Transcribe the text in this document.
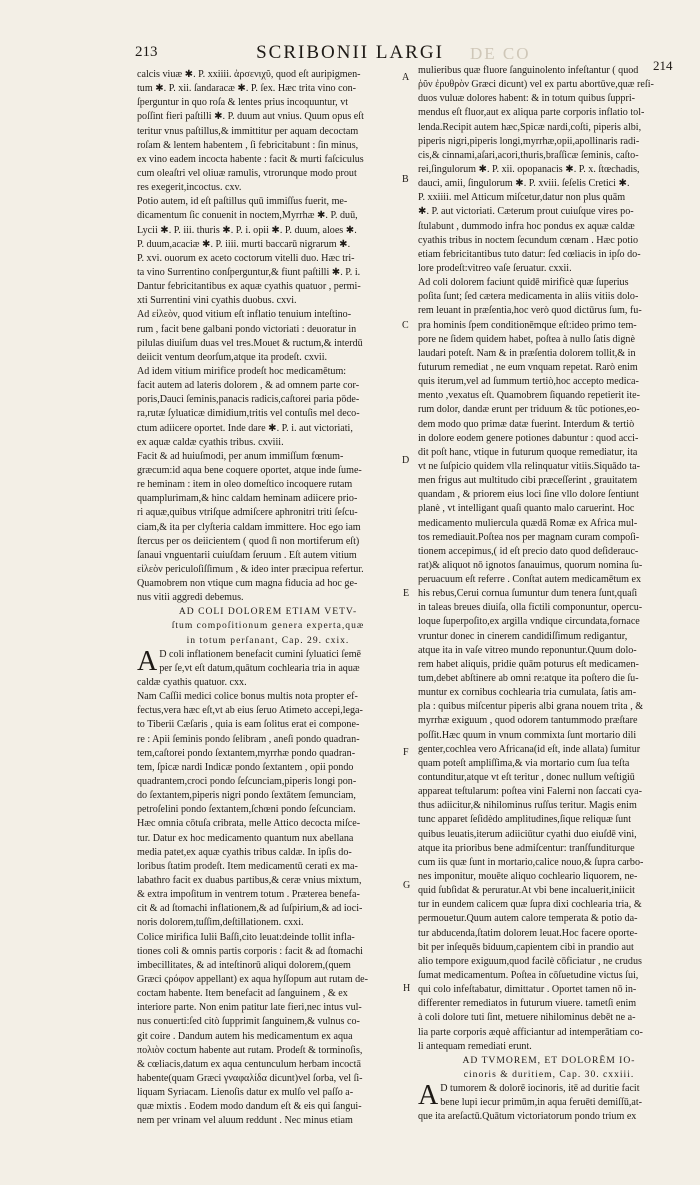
213	DE CO
SCRIBONII LARGI
214
calcis viuæ ✱. P. xxiiii. ἀρσενιχῦ, quod eſt auripigmen-
tum ✱. P. xii. ſandaracæ ✱. P. ſex. Hæc trita vino con-
ſperguntur in quo roſa & lentes prius incoquuntur, vt
poſſint fieri paſtilli ✱. P. duum aut vnius. Quum opus eſt
teritur vnus paſtillus,& immittitur per aquam decoctam
roſam & lentem habentem , ſi febricitabunt : ſin minus,
ex vino eadem incocta habente : facit & murti faſciculus
cum oleaſtri vel oliuæ ramulis, vtrorunque modo prout
res exegerit,incoctus. cxv.
Potio autem, id eſt paſtillus quū immiſſus fuerit, me-
dicamentum ſic conuenit in noctem,Myrrhæ ✱. P. duū,
Lycii ✱. P. iii. thuris ✱. P. i. opii ✱. P. duum, aloes ✱.
P. duum,acaciæ ✱. P. iiii. murti baccarū nigrarum ✱.
P. xvi. ouorum ex aceto coctorum vitelli duo. Hæc tri-
ta vino Surrentino conſperguntur,& fiunt paſtilli ✱. P. i.
Dantur febricitantibus ex aquæ cyathis quatuor , permi-
xti Surrentini vini cyathis duobus. cxvi.
Ad εἰλεὸν, quod vitium eſt inflatio tenuium inteſtino-
rum , facit bene galbani pondo victoriati : deuoratur in
pilulas diuiſum duas vel tres.Mouet & ructum,& interdū
deiicit ventum deorſum,atque ita prodeſt. cxvii.
Ad idem vitium mirifice prodeſt hoc medicamētum:
facit autem ad lateris dolorem , & ad omnem parte cor-
poris,Dauci ſeminis,panacis radicis,caſtorei paria pōde-
ra,rutæ ſyluaticæ dimidium,tritis vel contuſis mel deco-
ctum adiicere oportet. Inde dare ✱. P. i. aut victoriati,
ex aquæ caldæ cyathis tribus. cxviii.
Facit & ad huiuſmodi, per anum immiſſum fœnum-
græcum:id aqua bene coquere oportet, atque inde ſume-
re heminam : item in oleo domeſtico incoquere rutam
quamplurimam,& hinc caldam heminam adiicere prio-
ri aquæ,quibus vtriſque admiſcere aphronitri triti ſeſcu-
ciam,& ita per clyſteria caldam immittere. Hoc ego iam
ſtercus per os deiicientem ( quod ſi non mortiferum eſt)
ſanaui vnguentarii cuiuſdam ſeruum . Eſt autem vitium
εἰλεὸν periculoſiſſimum , & ideo inter præcipua refertur.
Quamobrem non vtique cum magna fiducia ad hoc ge-
nus vitii aggredi debemus.
AD COLI DOLOREM ETIAM VETV-
ſtum compoſitionum genera experta,quæ
in totum perſanant, Cap. 29. cxix.
A D coli inflationem benefacit cumini ſyluatici ſemē
per ſe,vt eſt datum,quātum cochlearia tria in aquæ
caldæ cyathis quatuor. cxx.
Nam Caſſii medici colice bonus multis nota propter ef-
fectus,vera hæc eſt,vt ab eius ſeruo Atimeto accepi,lega-
to Tiberii Cæſaris , quia is eam ſolitus erat ei compone-
re : Apii ſeminis pondo ſelibram , aneſi pondo quadran-
tem,caſtorei pondo ſextantem,myrrhæ pondo quadran-
tem, ſpicæ nardi Indicæ pondo ſextantem , opii pondo
quadrantem,croci pondo ſeſcunciam,piperis longi pon-
do ſextantem,piperis nigri pondo ſextātem ſemunciam,
petroſelini pondo ſextantem,ſchœni pondo ſeſcunciam.
Hæc omnia cōtuſa cribrata, melle Attico decocta miſce-
tur. Datur ex hoc medicamento quantum nux abellana
media patet,ex aquæ cyathis tribus caldæ. In ipſis do-
loribus ſtatim prodeſt. Item medicamentū cerati ex ma-
labathro facit ex duabus partibus,& ceræ vnius mixtum,
& extra impoſitum in ventrem totum . Præterea benefa-
cit & ad ſtomachi inflationem,& ad ſuſpirium,& ad ioci-
noris dolorem,tuſſim,deſtillationem. cxxi.
Colice mirifica Iulii Baſſi,cito leuat:deinde tollit infla-
tiones coli & omnis partis corporis : facit & ad ſtomachi
imbecillitates, & ad inteſtinorū aliqui dolorem,(quem
Græci ϛρόφον appellant) ex aqua hyſſopum aut rutam de-
coctam habente. Item benefacit ad ſanguinem , & ex
interiore parte. Non enim patitur late fieri,nec intus vul-
nus conuerti:ſed citò ſupprimit ſanguinem,& vulnus co-
git coire . Dandum autem his medicamentum ex aqua
πολιὸν coctum habente aut rutam. Prodeſt & torminoſis,
& cœliacis,datum ex aqua centunculum herbam incoctā
habente(quam Græci γναφαλίδα dicunt)vel ſorba, vel ſi-
liquam Syriacam. Lienoſis datur ex mulſo vel paſſo a-
quæ mixtis . Eodem modo dandum eſt & eis qui ſangui-
nem per vrinam vel aluum reddunt . Nec minus etiam
mulieribus quæ fluore ſanguinolento infeſtantur ( quod
ῥῦν ἐρυθρὸν Græci dicunt) vel ex partu abortūve,quæ reſi-
duos vuluæ dolores habent: & in totum quibus ſuppri-
mendus eſt fluor,aut ex aliqua parte corporis inflatio tol-
lenda.Recipit autem hæc,Spicæ nardi,coſti, piperis albi,
piperis nigri,piperis longi,myrrhæ,opii,apollinaris radi-
cis,& cinnami,aſari,acori,thuris,braſſicæ ſeminis, caſto-
rei,ſingulorum ✱. P. xii. opopanacis ✱. P. x. ſtœchadis,
dauci, amii, ſingulorum ✱. P. xviii. ſeſelis Cretici ✱.
P. xxiiii. mel Atticum miſcetur,datur non plus quām
✱. P. aut victoriati. Cæterum prout cuiuſque vires po-
ſtulabunt , dummodo infra hoc pondus ex aquæ caldæ
cyathis tribus in noctem ſecundum cœnam . Hæc potio
etiam febricitantibus tuto datur: ſed cœliacis in ipſo do-
lore prodeſt:vitreo vaſe ſeruatur. cxxii.
Ad coli dolorem faciunt quidē mirificè quæ ſuperius
poſita ſunt; ſed cætera medicamenta in aliis vitiis dolo-
rem leuant in præſentia,hoc verò quod dictūrus ſum, fu-
pra hominis ſpem conditionēmque eſt:ideo primo tem-
pore ne ſidem quidem habet, poſtea à nullo ſatis dignè
laudari poteſt. Nam & in præſentia dolorem tollit,& in
futurum remediat , ne eum vnquam repetat. Rarò enim
quis iterum,vel ad ſummum tertiò,hoc accepto medica-
mento ,vexatus eſt. Quamobrem ſiquando repetierit ite-
rum dolor, dandæ erunt per triduum & tūc potiones,eo-
dem modo quo primæ datæ fuerint. Interdum & tertiò
in dolore eodem genere potiones dabuntur : quod acci-
dit poſt hanc, vtique in futurum quoque remediatur, ita
vt ne ſuſpicio quidem vlla relinquatur vitiis.Siquādo ta-
men frigus aut multitudo cibi præceſſerint , grauitatem
quandam , & priorem eius loci ſine vllo dolore ſentiunt
planè , vt intelligant quaſi quanto malo caruerint. Hoc
medicamento muliercula quædā Romæ ex Africa mul-
tos remediauit.Poſtea nos per magnam curam compoſi-
tionem accepimus,( id eſt precio dato quod deſiderauc-
rat)& aliquot nō ignotos ſanauimus, quorum nomina ſu-
peruacuum eſt referre . Conſtat autem medicamētum ex
his rebus,Cerui cornua ſumuntur dum tenera ſunt,quaſi
in taleas breues diuiſa, olla fictili componuntur, opercu-
loque ſuperpoſito,ex argilla vndique circundata,fornace
vruntur donec in cinerem candidiſſimum redigantur,
atque ita in vaſe vitreo mundo reponuntur.Quum dolo-
rem habet aliquis, pridie quām poturus eſt medicamen-
tum,debet abſtinere ab omni re:atque ita poſtero die ſu-
muntur ex cornibus cochlearia tria cumulata, ſatis am-
pla : quibus miſcentur piperis albi grana nouem trita , &
myrrhæ exiguum , quod odorem tantummodo præſtare
poſſit.Hæc quum in vnum commixta ſunt mortario dili
genter,cochlea vero Africana(id eſt, inde allata) ſumitur
quam poteſt ampliſſima,& via mortario cum ſua teſta
contunditur,atque vt eſt teritur , donec nullum veſtigiū
appareat teſtularum: poſtea vini Falerni non ſaccati cya-
thus adiicitur,& nihilominus ruſſus teritur. Magis enim
tunc apparet ſeſidèdo amplitudines,ſique reliquæ ſunt
quibus leuatis,iterum adiiciūtur cyathi duo eiuſdē vini,
atque ita prioribus bene admiſcentur: tranſfunditurque
cum iis quæ ſunt in mortario,calice nouo,& ſupra carbo-
nes imponitur, mouēte aliquo cochleario liquorem, ne-
quid ſubſidat & peruratur.At vbi bene incaluerit,iniicit
tur in eundem calicem quæ ſupra dixi cochlearia tria, &
permouetur.Quum autem calore temperata & potio da-
tur abducenda,ſtatim dolorem leuat.Hoc facere oporte-
bit per inſequēs biduum,capientem cibi in prandio aut
alio tempore exiguum,quod facilè cōficiatur , ne crudus
ſumat medicamentum. Poſtea in cōſuetudine victus ſui,
qui colo infeſtabatur, dimittatur . Oportet tamen nō in-
differenter remediatos in futurum viuere. tametſi enim
à coli dolore tuti ſint, metuere nihilominus debēt ne a-
lia parte corporis æquè afficiantur ad intemperātiam co-
li antequam remediati erunt.
AD TVMOREM, ET DOLORĒM IO-
cinoris & duritiem, Cap. 30. cxxiii.
A D tumorem & dolorē iocinoris, itē ad duritie facit
bene lupi iecur primūm,in aqua feruēti demiſſū,at-
que ita areſactū.Quātum victoriatorum pondo trium ex
A
B
C
D
E
F
G
H
